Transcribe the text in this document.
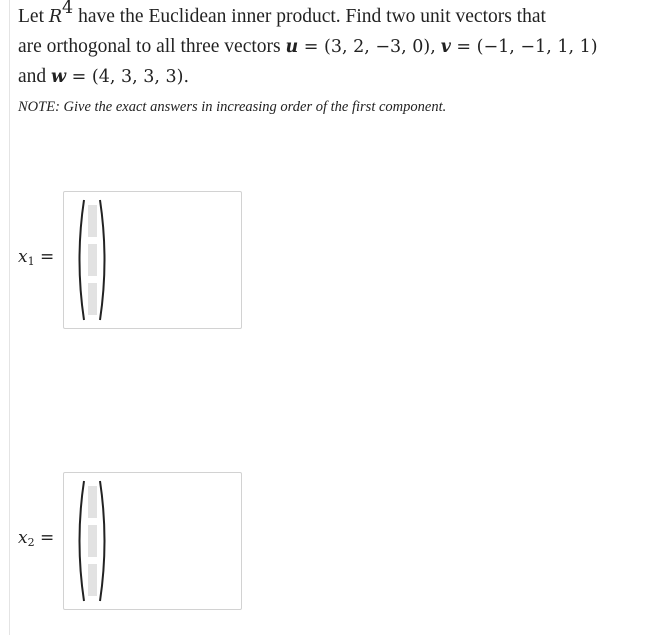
Let $R^4$ have the Euclidean inner product. Find two unit vectors that
are orthogonal to all three vectors u = (3, 2, −3, 0), v = (−1, −1, 1, 1)
and w = (4, 3, 3, 3).
NOTE: Give the exact answers in increasing order of the first component.
$x_1$ =
$x_2$ =
